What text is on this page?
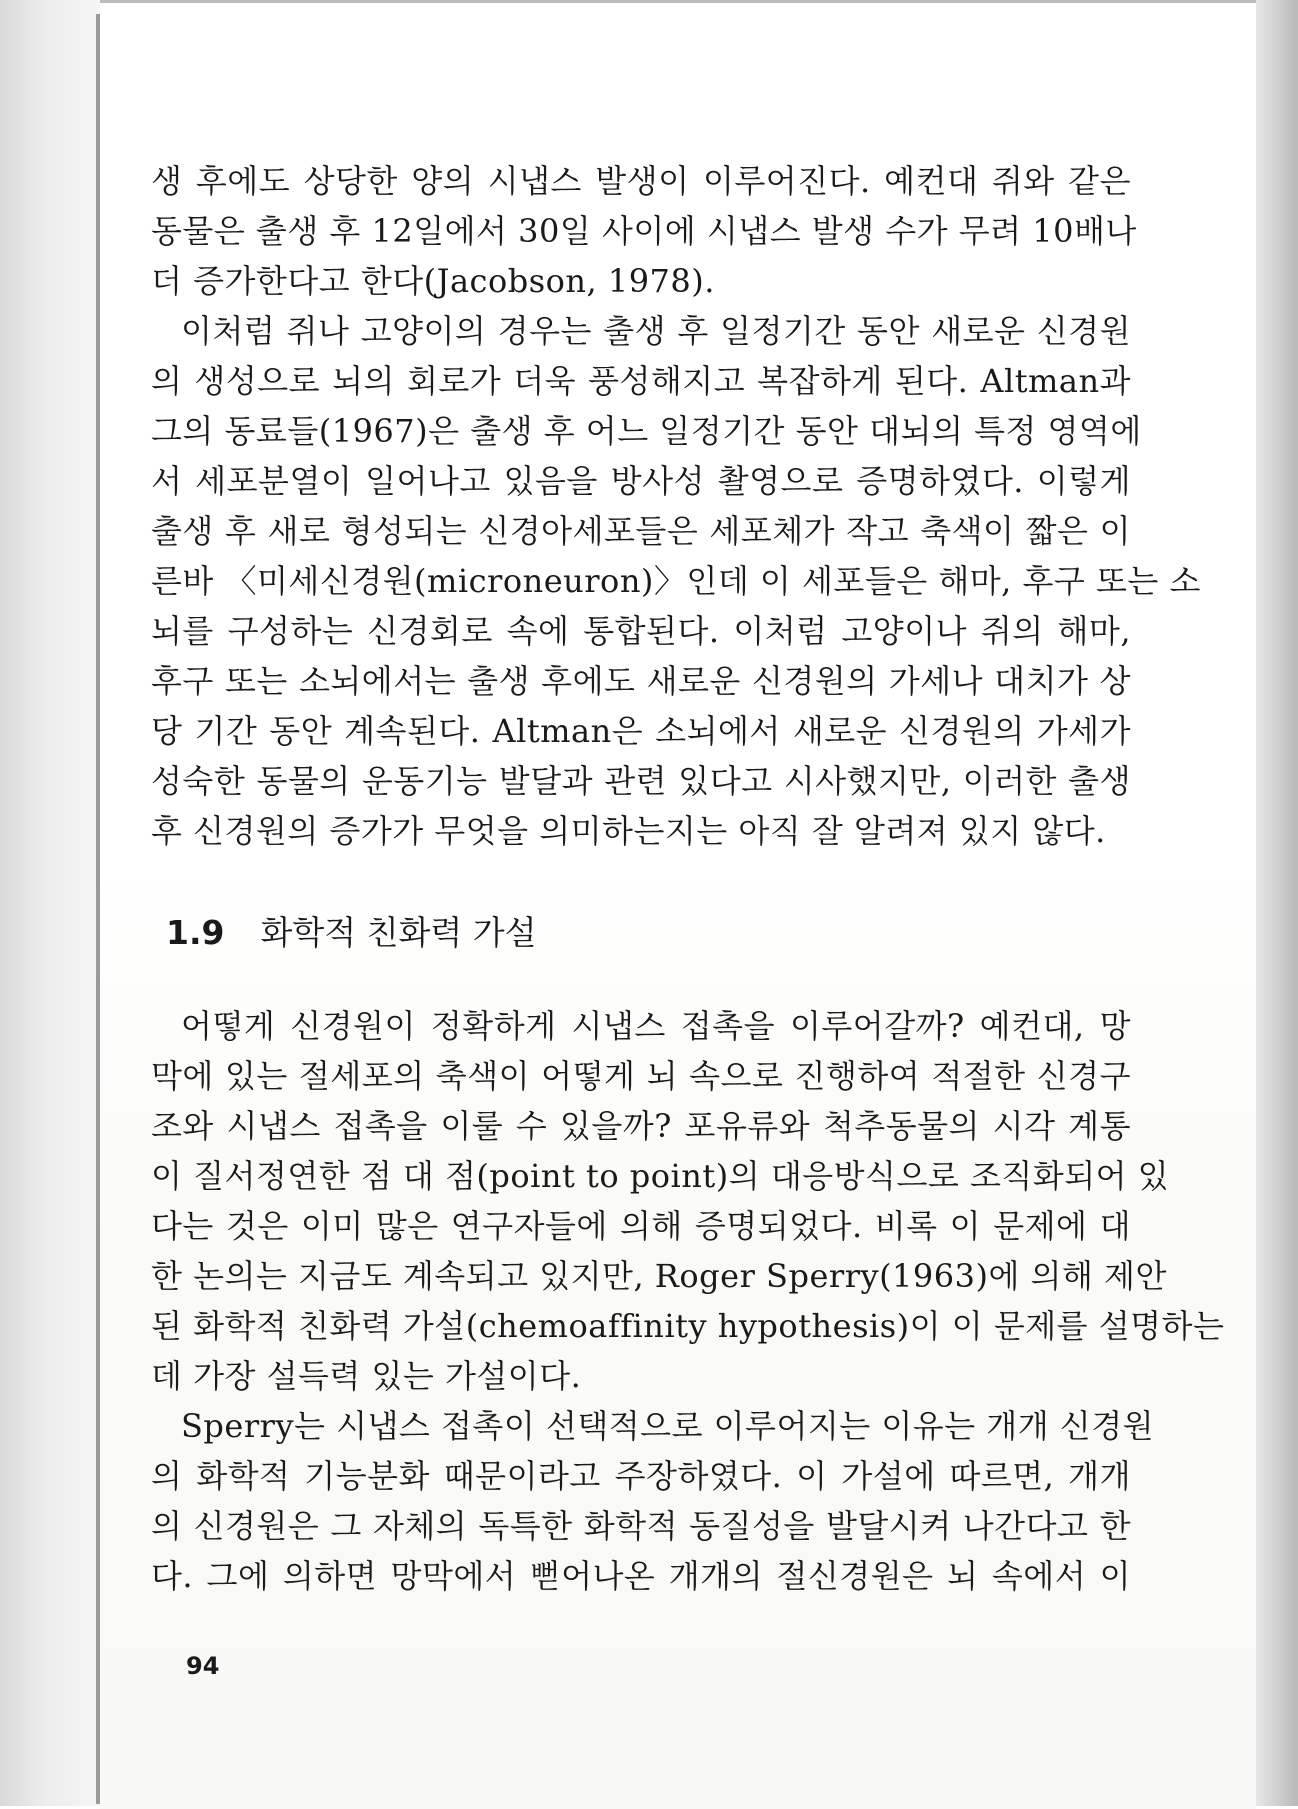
생 후에도 상당한 양의 시냅스 발생이 이루어진다. 예컨대 쥐와 같은
동물은 출생 후 12일에서 30일 사이에 시냅스 발생 수가 무려 10배나
더 증가한다고 한다(Jacobson, 1978).
이처럼 쥐나 고양이의 경우는 출생 후 일정기간 동안 새로운 신경원
의 생성으로 뇌의 회로가 더욱 풍성해지고 복잡하게 된다. Altman과
그의 동료들(1967)은 출생 후 어느 일정기간 동안 대뇌의 특정 영역에
서 세포분열이 일어나고 있음을 방사성 촬영으로 증명하였다. 이렇게
출생 후 새로 형성되는 신경아세포들은 세포체가 작고 축색이 짧은 이
른바 〈미세신경원(microneuron)〉인데 이 세포들은 해마, 후구 또는 소
뇌를 구성하는 신경회로 속에 통합된다. 이처럼 고양이나 쥐의 해마,
후구 또는 소뇌에서는 출생 후에도 새로운 신경원의 가세나 대치가 상
당 기간 동안 계속된다. Altman은 소뇌에서 새로운 신경원의 가세가
성숙한 동물의 운동기능 발달과 관련 있다고 시사했지만, 이러한 출생
후 신경원의 증가가 무엇을 의미하는지는 아직 잘 알려져 있지 않다.
1.9 화학적 친화력 가설
어떻게 신경원이 정확하게 시냅스 접촉을 이루어갈까? 예컨대, 망
막에 있는 절세포의 축색이 어떻게 뇌 속으로 진행하여 적절한 신경구
조와 시냅스 접촉을 이룰 수 있을까? 포유류와 척추동물의 시각 계통
이 질서정연한 점 대 점(point to point)의 대응방식으로 조직화되어 있
다는 것은 이미 많은 연구자들에 의해 증명되었다. 비록 이 문제에 대
한 논의는 지금도 계속되고 있지만, Roger Sperry(1963)에 의해 제안
된 화학적 친화력 가설(chemoaffinity hypothesis)이 이 문제를 설명하는
데 가장 설득력 있는 가설이다.
Sperry는 시냅스 접촉이 선택적으로 이루어지는 이유는 개개 신경원
의 화학적 기능분화 때문이라고 주장하였다. 이 가설에 따르면, 개개
의 신경원은 그 자체의 독특한 화학적 동질성을 발달시켜 나간다고 한
다. 그에 의하면 망막에서 뻗어나온 개개의 절신경원은 뇌 속에서 이
94
